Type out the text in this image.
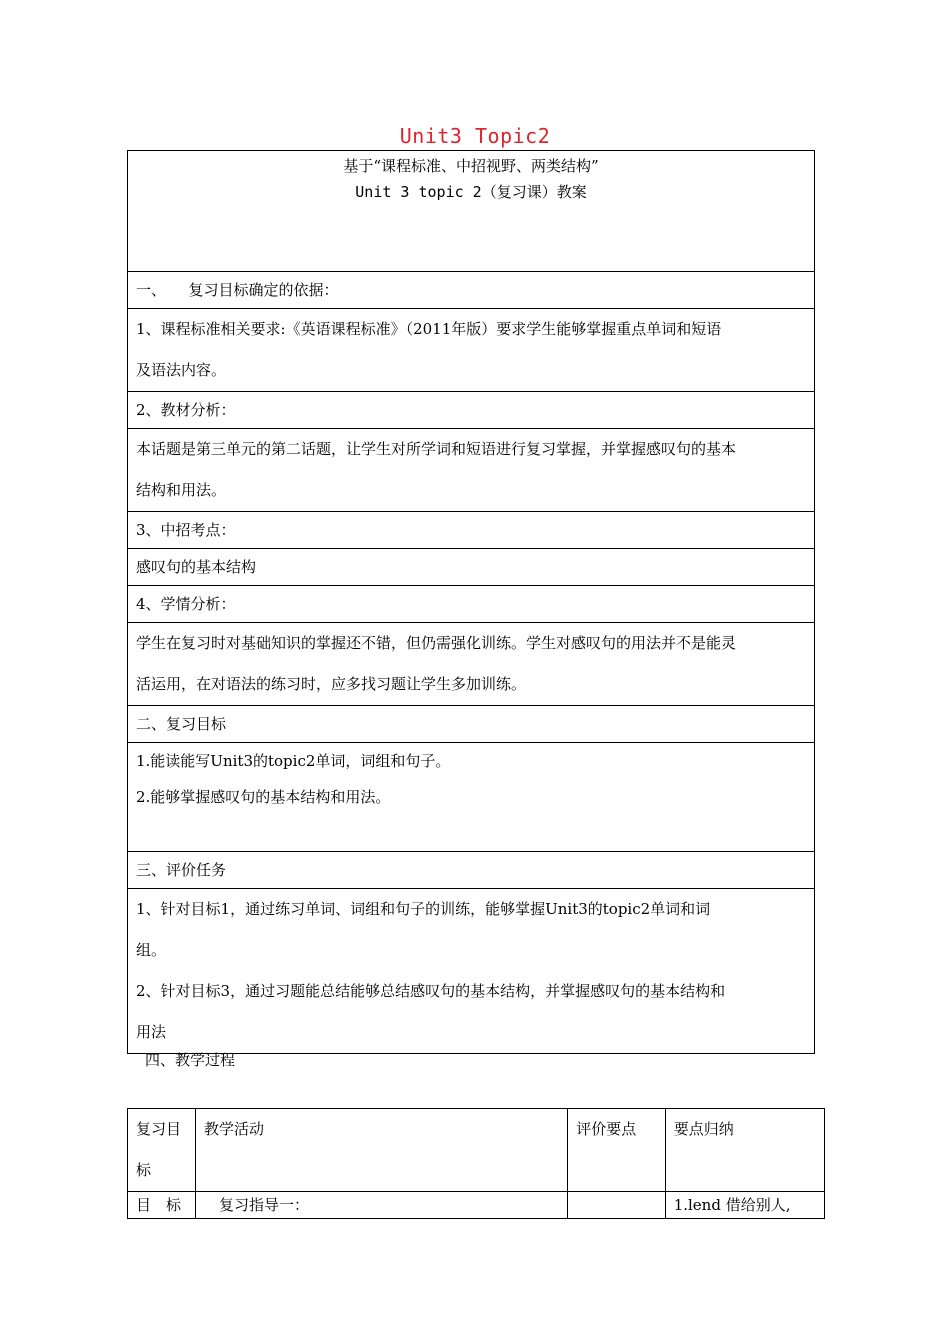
Unit3 Topic2
基于“课程标准、中招视野、两类结构”
Unit 3 topic 2（复习课）教案

一、　　复习目标确定的依据：

1、课程标准相关要求:《英语课程标准》（2011年版）要求学生能够掌握重点单词和短语
及语法内容。

2、教材分析：

本话题是第三单元的第二话题，让学生对所学词和短语进行复习掌握，并掌握感叹句的基本
结构和用法。

3、中招考点：
感叹句的基本结构
4、学情分析：

学生在复习时对基础知识的掌握还不错，但仍需强化训练。学生对感叹句的用法并不是能灵
活运用，在对语法的练习时，应多找习题让学生多加训练。

二、复习目标

1.能读能写Unit3的topic2单词，词组和句子。
2.能够掌握感叹句的基本结构和用法。

三、评价任务

1、针对目标1，通过练习单词、词组和句子的训练，能够掌握Unit3的topic2单词和词
组。
2、针对目标3，通过习题能总结能够总结感叹句的基本结构，并掌握感叹句的基本结构和
用法
四、教学过程
复习目
标	教学活动	评价要点	要点归纳
目　标	　复习指导一：		1.lend 借给别人,
